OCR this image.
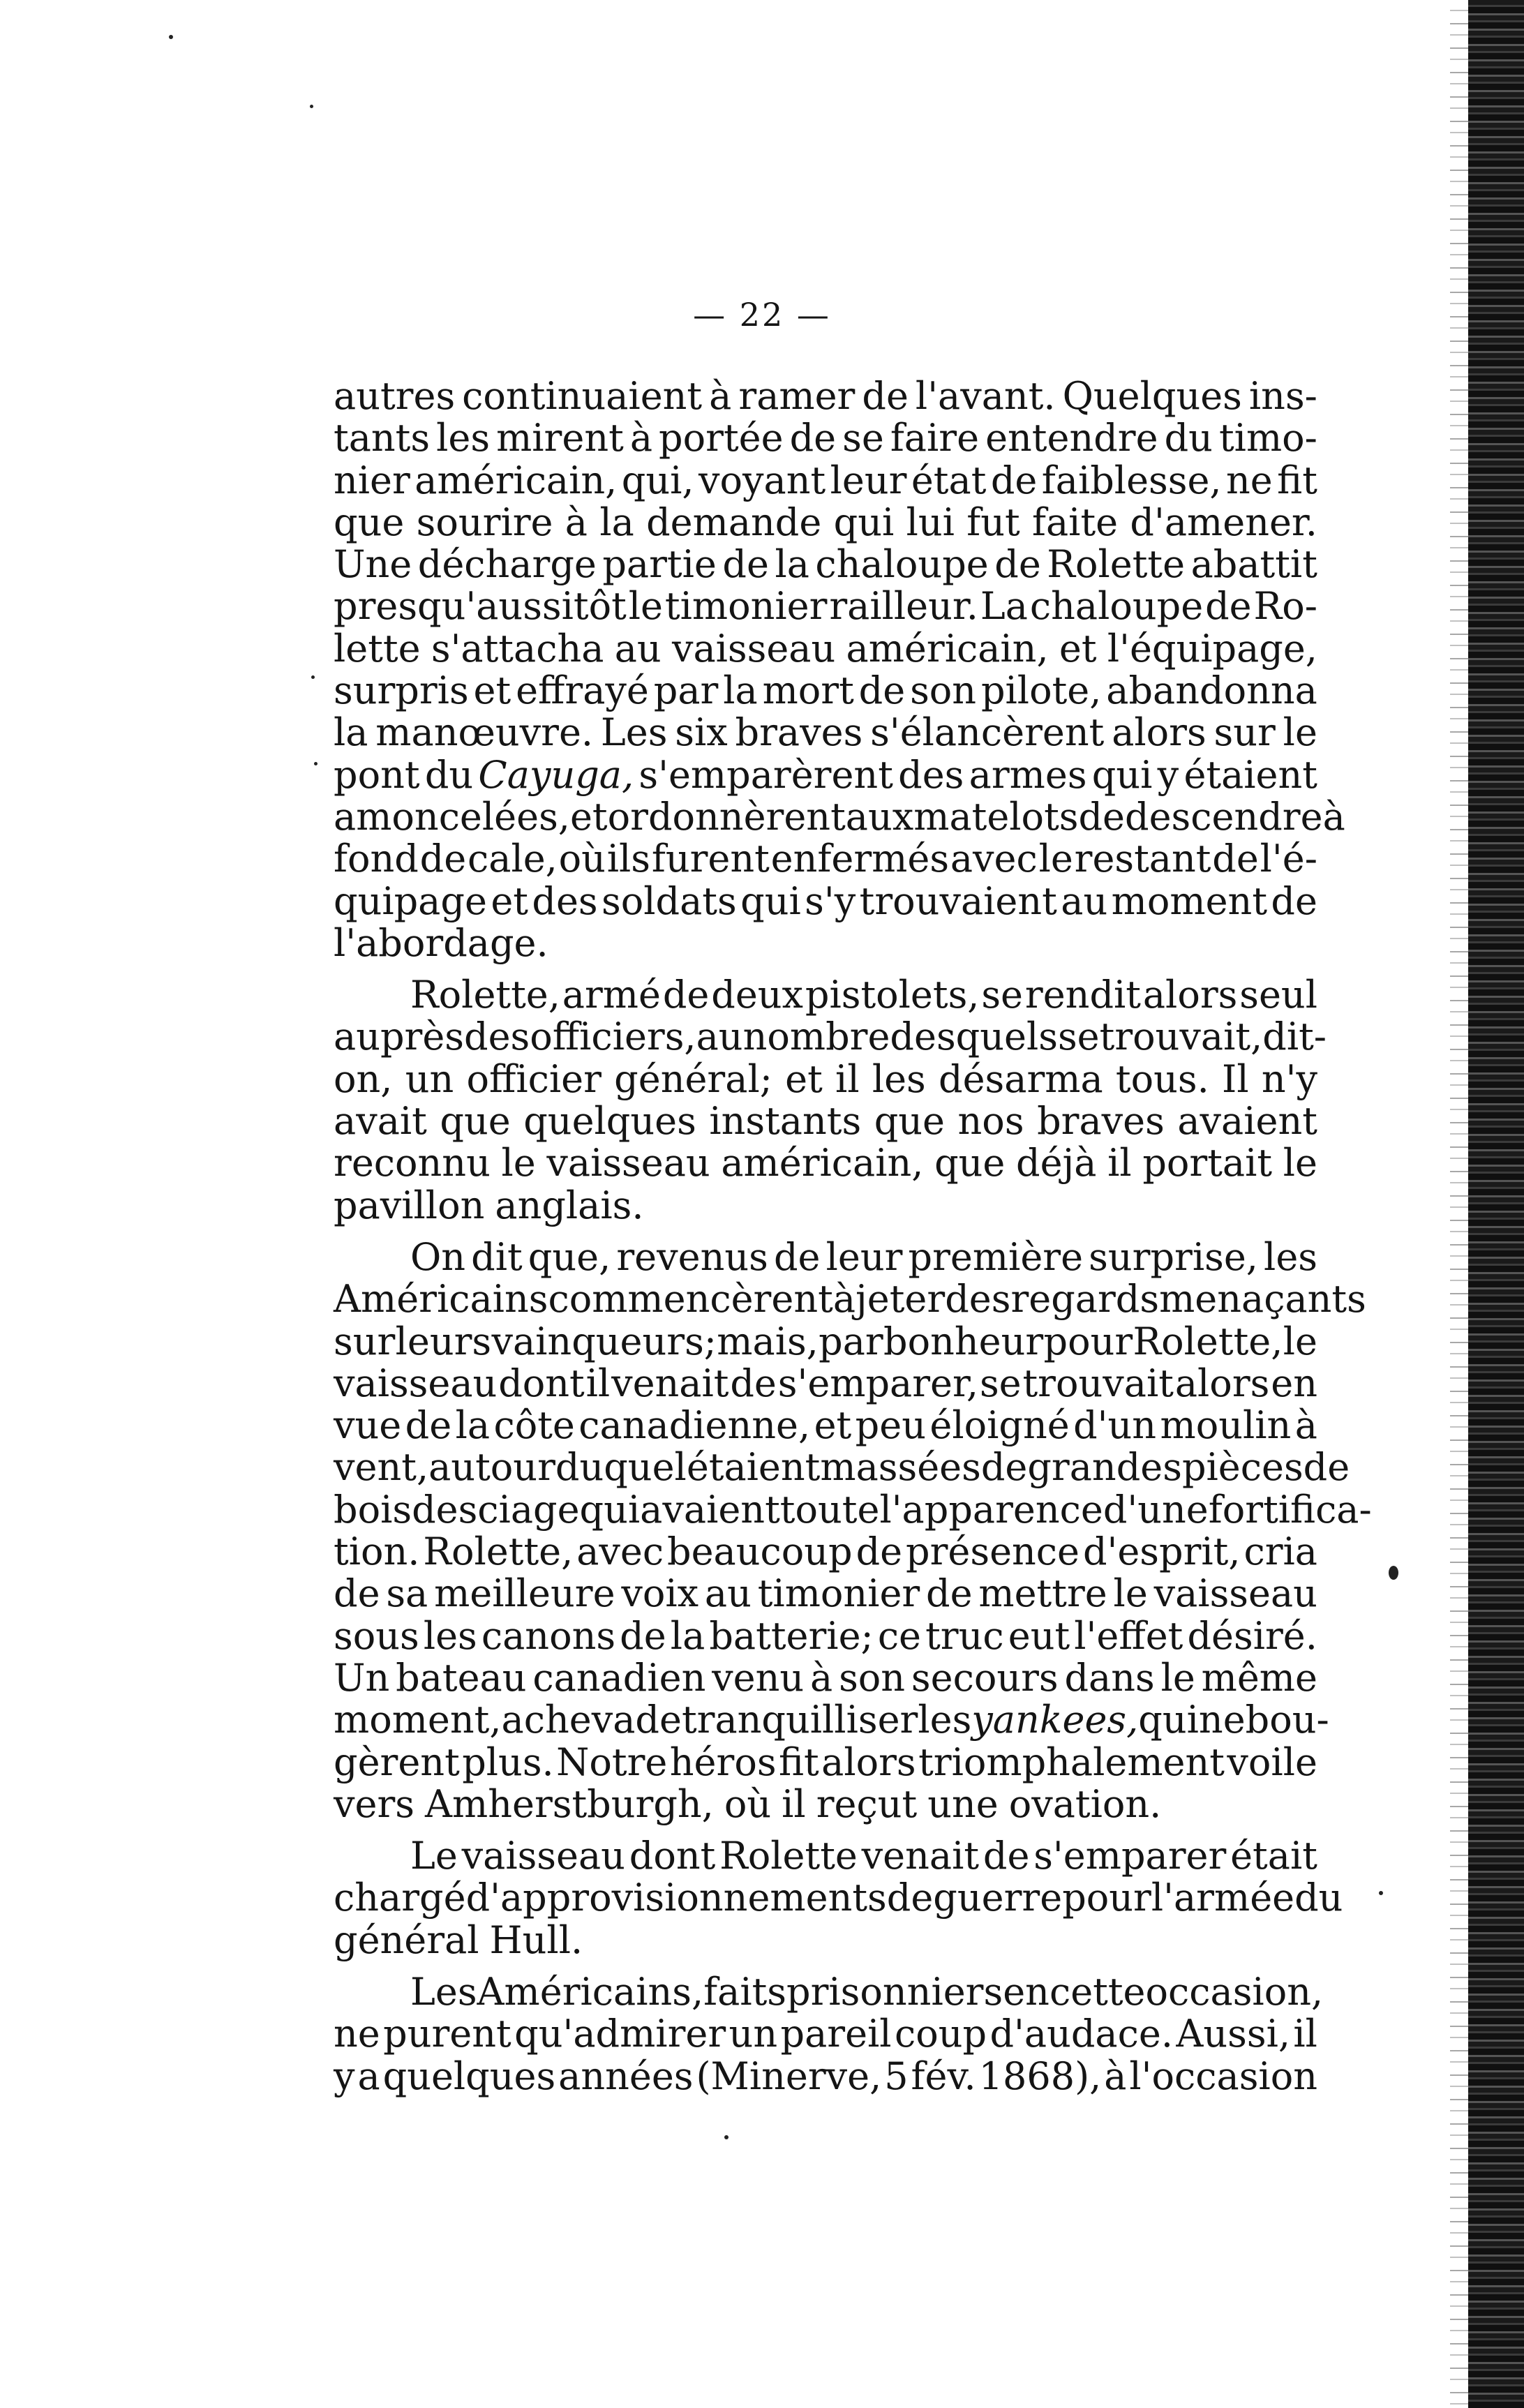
— 22 —
autres continuaient à ramer de l'avant. Quelques ins-
tants les mirent à portée de se faire entendre du timo-
nier américain, qui, voyant leur état de faiblesse, ne fit
que sourire à la demande qui lui fut faite d'amener.
Une décharge partie de la chaloupe de Rolette abattit
presqu'aussitôt le timonier railleur. La chaloupe de Ro-
lette s'attacha au vaisseau américain, et l'équipage,
surpris et effrayé par la mort de son pilote, abandonna
la manœuvre. Les six braves s'élancèrent alors sur le
pont du Cayuga, s'emparèrent des armes qui y étaient
amoncelées, et ordonnèrent aux matelots de descendre à
fond de cale, où ils furent enfermés avec le restant de l'é-
quipage et des soldats qui s'y trouvaient au moment de
l'abordage.
Rolette, armé de deux pistolets, se rendit alors seul
auprès des officiers, au nombre desquels se trouvait, dit-
on, un officier général; et il les désarma tous. Il n'y
avait que quelques instants que nos braves avaient
reconnu le vaisseau américain, que déjà il portait le
pavillon anglais.
On dit que, revenus de leur première surprise, les
Américains commencèrent à jeter des regards menaçants
sur leurs vainqueurs; mais, par bonheur pour Rolette, le
vaisseau dont il venait de s'emparer, se trouvait alors en
vue de la côte canadienne, et peu éloigné d'un moulin à
vent, autour duquel étaient massées de grandes pièces de
bois de sciage qui avaient toute l'apparence d'une fortifica-
tion. Rolette, avec beaucoup de présence d'esprit, cria
de sa meilleure voix au timonier de mettre le vaisseau
sous les canons de la batterie; ce truc eut l'effet désiré.
Un bateau canadien venu à son secours dans le même
moment, acheva de tranquilliser les yankees, qui ne bou-
gèrent plus. Notre héros fit alors triomphalement voile
vers Amherstburgh, où il reçut une ovation.
Le vaisseau dont Rolette venait de s'emparer était
chargé d'approvisionnements de guerre pour l'armée du
général Hull.
Les Américains, faits prisonniers en cette occasion,
ne purent qu'admirer un pareil coup d'audace. Aussi, il
y a quelques années (Minerve, 5 fév. 1868), à l'occasion
